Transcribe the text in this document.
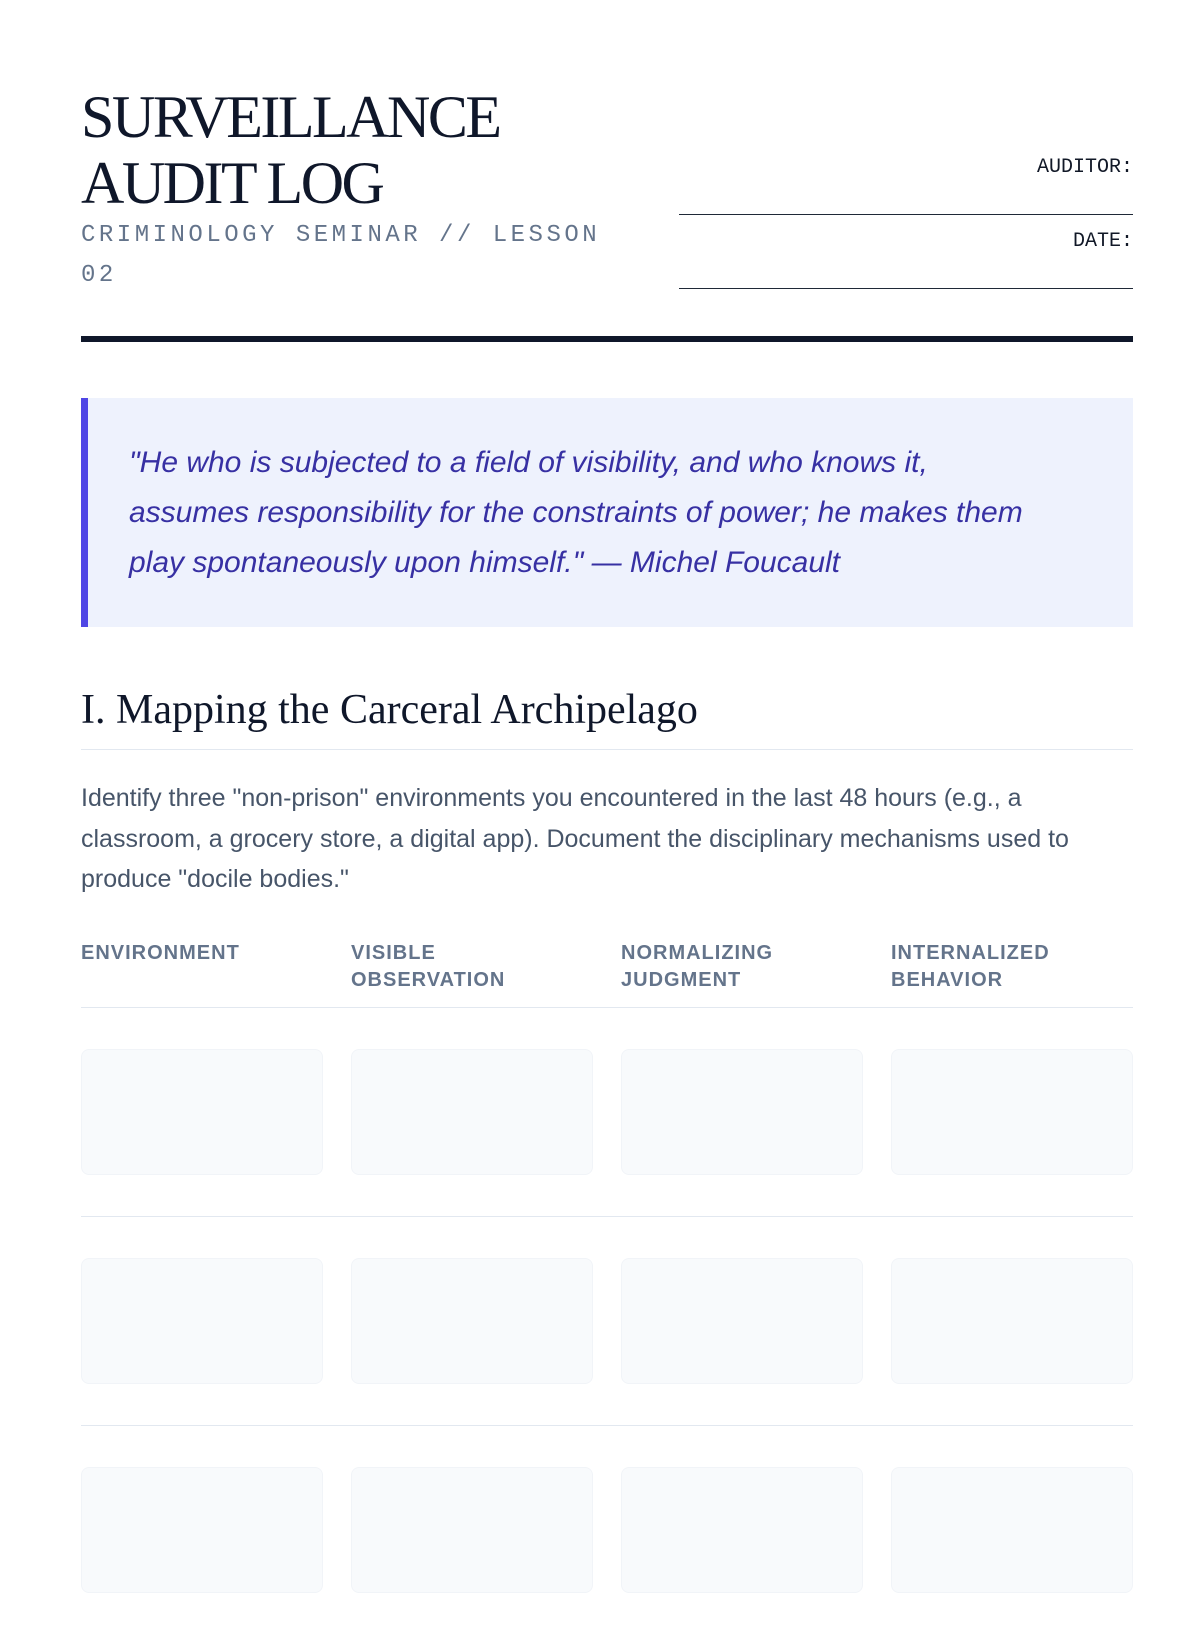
SURVEILLANCE AUDIT LOG

CRIMINOLOGY SEMINAR // LESSON 02

AUDITOR:
DATE:

"He who is subjected to a field of visibility, and who knows it, assumes responsibility for the constraints of power; he makes them play spontaneously upon himself." — Michel Foucault

I. Mapping the Carceral Archipelago

Identify three "non-prison" environments you encountered in the last 48 hours (e.g., a classroom, a grocery store, a digital app). Document the disciplinary mechanisms used to produce "docile bodies."

ENVIRONMENT	VISIBLE OBSERVATION
NORMALIZING JUDGMENT
INTERNALIZED BEHAVIOR
